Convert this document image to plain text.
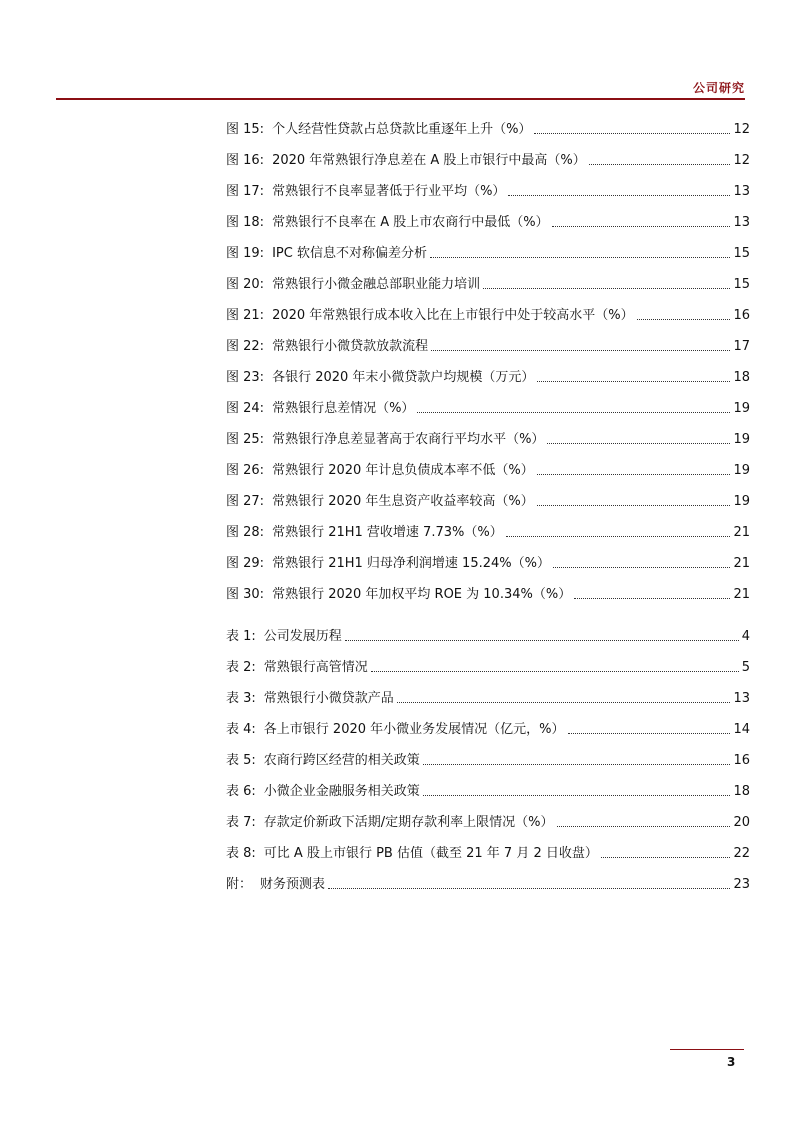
公司研究
图 15: 个人经营性贷款占总贷款比重逐年上升（%）	12
图 16: 2020 年常熟银行净息差在 A 股上市银行中最高（%）	12
图 17: 常熟银行不良率显著低于行业平均（%）	13
图 18: 常熟银行不良率在 A 股上市农商行中最低（%）	13
图 19: IPC 软信息不对称偏差分析	15
图 20: 常熟银行小微金融总部职业能力培训	15
图 21: 2020 年常熟银行成本收入比在上市银行中处于较高水平（%）	16
图 22: 常熟银行小微贷款放款流程	17
图 23: 各银行 2020 年末小微贷款户均规模（万元）	18
图 24: 常熟银行息差情况（%）	19
图 25: 常熟银行净息差显著高于农商行平均水平（%）	19
图 26: 常熟银行 2020 年计息负债成本率不低（%）	19
图 27: 常熟银行 2020 年生息资产收益率较高（%）	19
图 28: 常熟银行 21H1 营收增速 7.73%（%）	21
图 29: 常熟银行 21H1 归母净利润增速 15.24%（%）	21
图 30: 常熟银行 2020 年加权平均 ROE 为 10.34%（%）	21
表 1: 公司发展历程	4
表 2: 常熟银行高管情况	5
表 3: 常熟银行小微贷款产品	13
表 4: 各上市银行 2020 年小微业务发展情况（亿元，%）	14
表 5: 农商行跨区经营的相关政策	16
表 6: 小微企业金融服务相关政策	18
表 7: 存款定价新政下活期/定期存款利率上限情况（%）	20
表 8: 可比 A 股上市银行 PB 估值（截至 21 年 7 月 2 日收盘）	22
附： 财务预测表	23
3
